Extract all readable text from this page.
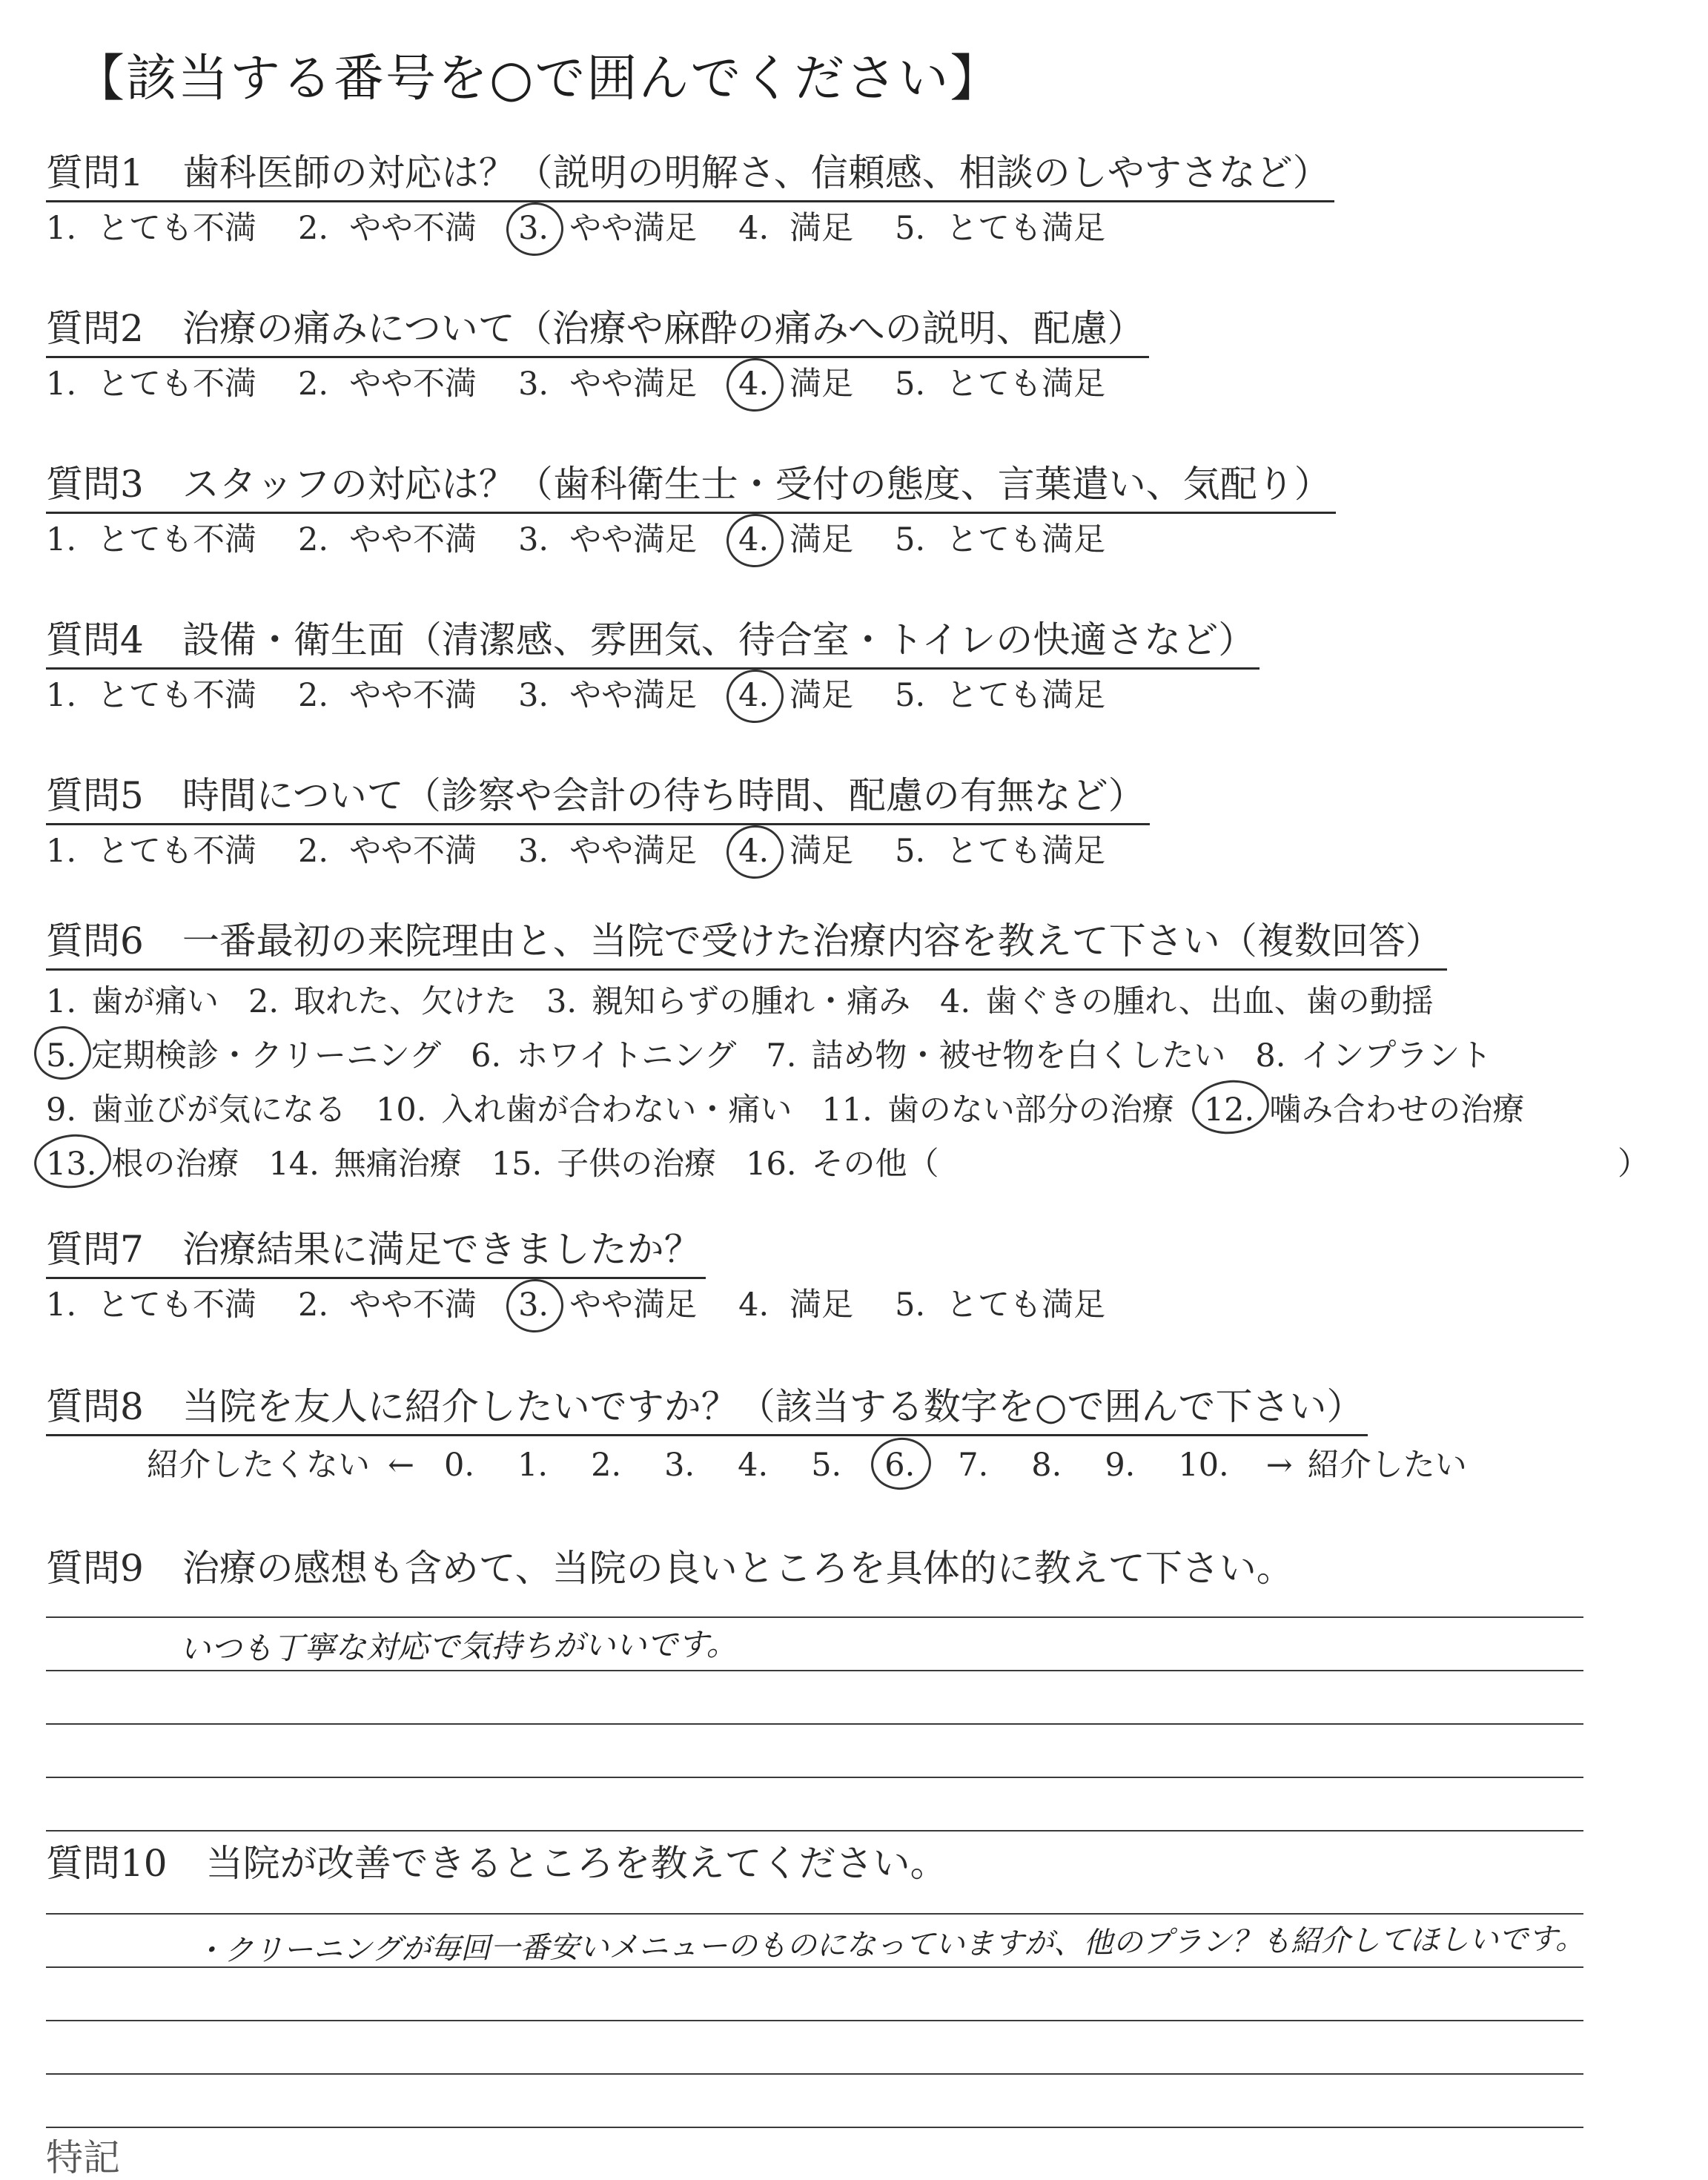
【該当する番号を○で囲んでください】
質問1 歯科医師の対応は？（説明の明解さ、信頼感、相談のしやすさなど）
1. とても不満 2. やや不満 3. やや満足 4. 満足 5. とても満足
質問2 治療の痛みについて（治療や麻酔の痛みへの説明、配慮）
1. とても不満 2. やや不満 3. やや満足 4. 満足 5. とても満足
質問3 スタッフの対応は？（歯科衛生士・受付の態度、言葉遣い、気配り）
1. とても不満 2. やや不満 3. やや満足 4. 満足 5. とても満足
質問4 設備・衛生面（清潔感、雰囲気、待合室・トイレの快適さなど）
1. とても不満 2. やや不満 3. やや満足 4. 満足 5. とても満足
質問5 時間について（診察や会計の待ち時間、配慮の有無など）
1. とても不満 2. やや不満 3. やや満足 4. 満足 5. とても満足
質問6 一番最初の来院理由と、当院で受けた治療内容を教えて下さい（複数回答）
1. 歯が痛い 2. 取れた、欠けた 3. 親知らずの腫れ・痛み 4. 歯ぐきの腫れ、出血、歯の動揺
5. 定期検診・クリーニング 6. ホワイトニング 7. 詰め物・被せ物を白くしたい 8. インプラント
9. 歯並びが気になる 10. 入れ歯が合わない・痛い 11. 歯のない部分の治療 12. 噛み合わせの治療
13. 根の治療 14. 無痛治療 15. 子供の治療 16. その他（	）
質問7 治療結果に満足できましたか？
1. とても不満 2. やや不満 3. やや満足 4. 満足 5. とても満足
質問8 当院を友人に紹介したいですか？（該当する数字を○で囲んで下さい）
紹介したくない ← 0. 1. 2. 3. 4. 5. 6. 7. 8. 9. 10. → 紹介したい
質問9 治療の感想も含めて、当院の良いところを具体的に教えて下さい。
いつも丁寧な対応で気持ちがいいです。
質問10 当院が改善できるところを教えてください。
・クリーニングが毎回一番安いメニューのものになっていますが、他のプラン？も紹介してほしいです。
特記
